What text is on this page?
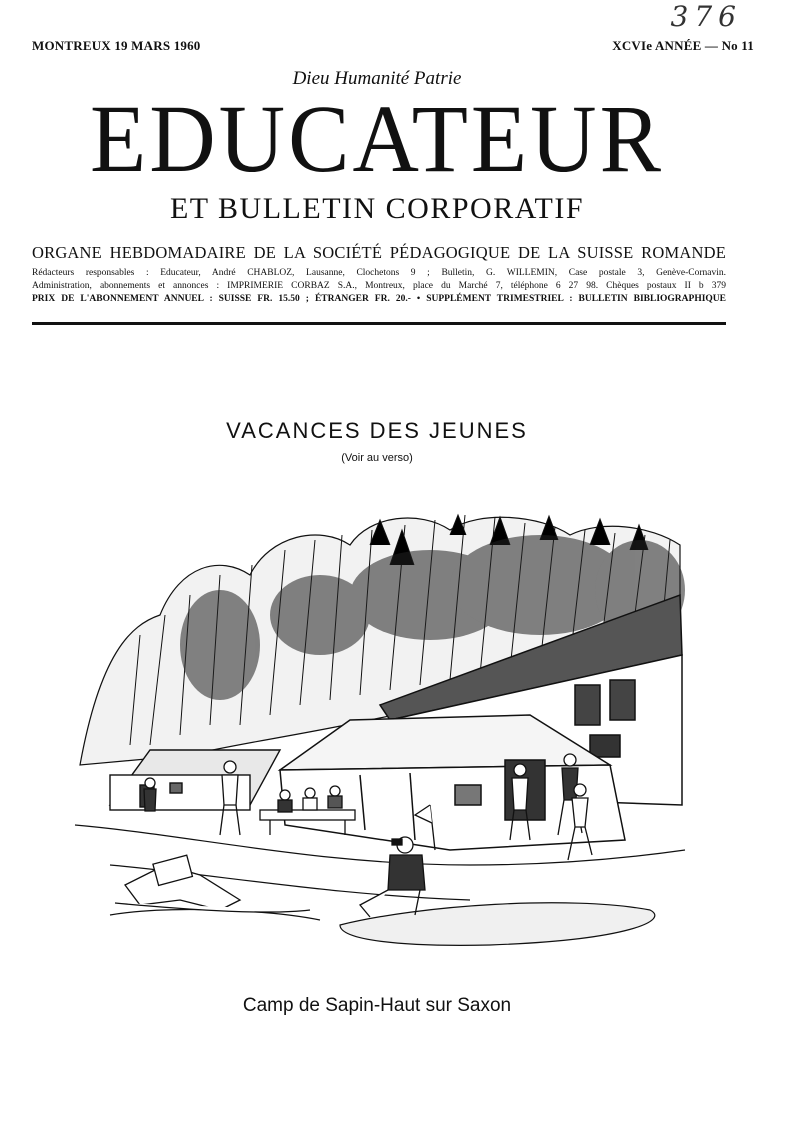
MONTREUX 19 MARS 1960	XCVIe ANNÉE — No 11
376
Dieu Humanité Patrie
EDUCATEUR
ET BULLETIN CORPORATIF
ORGANE HEBDOMADAIRE DE LA SOCIÉTÉ PÉDAGOGIQUE DE LA SUISSE ROMANDE
Rédacteurs responsables : Educateur, André CHABLOZ, Lausanne, Clochetons 9 ; Bulletin, G. WILLEMIN, Case postale 3, Genève-Cornavin.
Administration, abonnements et annonces : IMPRIMERIE CORBAZ S.A., Montreux, place du Marché 7, téléphone 6 27 98. Chèques postaux II b 379
PRIX DE L'ABONNEMENT ANNUEL : SUISSE FR. 15.50 ; ÉTRANGER FR. 20.- • SUPPLÉMENT TRIMESTRIEL : BULLETIN BIBLIOGRAPHIQUE
VACANCES DES JEUNES
(Voir au verso)
Camp de Sapin-Haut sur Saxon
